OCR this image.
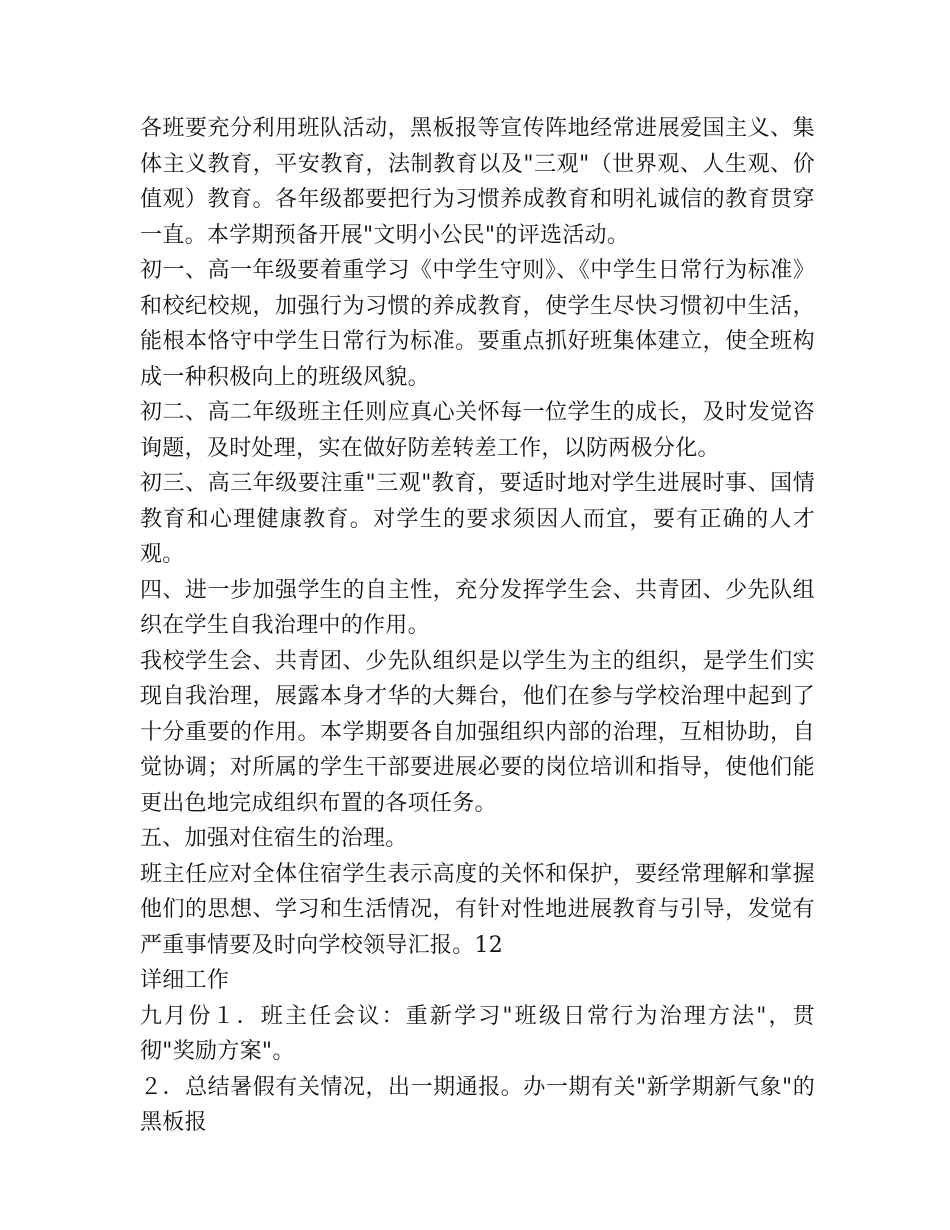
各班要充分利用班队活动，黑板报等宣传阵地经常进展爱国主义、集体主义教育，平安教育，法制教育以及"三观"（世界观、人生观、价值观）教育。各年级都要把行为习惯养成教育和明礼诚信的教育贯穿一直。本学期预备开展"文明小公民"的评选活动。

初一、高一年级要着重学习《中学生守则》、《中学生日常行为标准》和校纪校规，加强行为习惯的养成教育，使学生尽快习惯初中生活，能根本恪守中学生日常行为标准。要重点抓好班集体建立，使全班构成一种积极向上的班级风貌。

初二、高二年级班主任则应真心关怀每一位学生的成长，及时发觉咨询题，及时处理，实在做好防差转差工作，以防两极分化。

初三、高三年级要注重"三观"教育，要适时地对学生进展时事、国情教育和心理健康教育。对学生的要求须因人而宜，要有正确的人才观。

四、进一步加强学生的自主性，充分发挥学生会、共青团、少先队组织在学生自我治理中的作用。

我校学生会、共青团、少先队组织是以学生为主的组织，是学生们实现自我治理，展露本身才华的大舞台，他们在参与学校治理中起到了十分重要的作用。本学期要各自加强组织内部的治理，互相协助，自觉协调；对所属的学生干部要进展必要的岗位培训和指导，使他们能更出色地完成组织布置的各项任务。

五、加强对住宿生的治理。

班主任应对全体住宿学生表示高度的关怀和保护，要经常理解和掌握他们的思想、学习和生活情况，有针对性地进展教育与引导，发觉有严重事情要及时向学校领导汇报。12

详细工作

九月份１．班主任会议：重新学习"班级日常行为治理方法"，贯彻"奖励方案"。

２．总结暑假有关情况，出一期通报。办一期有关"新学期新气象"的黑板报
